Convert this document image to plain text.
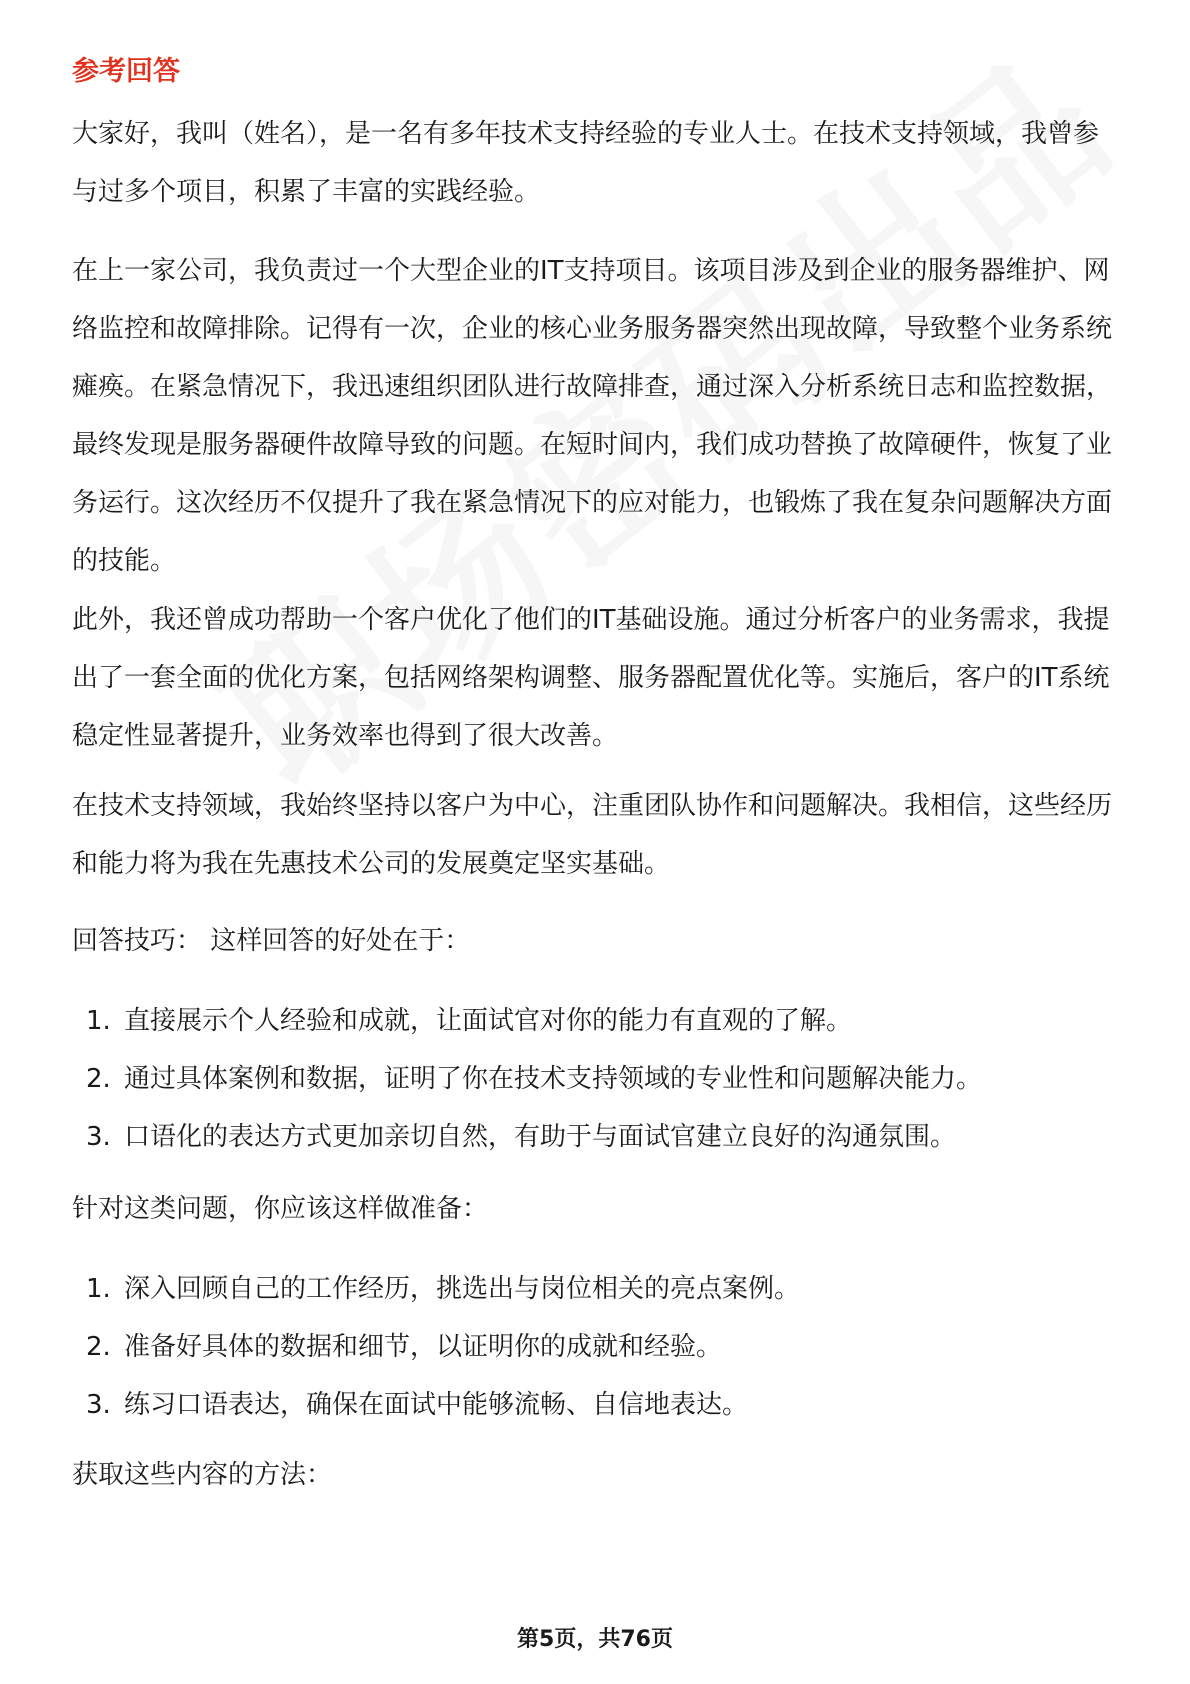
参考回答

大家好，我叫（姓名），是一名有多年技术支持经验的专业人士。在技术支持领域，我曾参与过多个项目，积累了丰富的实践经验。

在上一家公司，我负责过一个大型企业的IT支持项目。该项目涉及到企业的服务器维护、网络监控和故障排除。记得有一次，企业的核心业务服务器突然出现故障，导致整个业务系统瘫痪。在紧急情况下，我迅速组织团队进行故障排查，通过深入分析系统日志和监控数据，最终发现是服务器硬件故障导致的问题。在短时间内，我们成功替换了故障硬件，恢复了业务运行。这次经历不仅提升了我在紧急情况下的应对能力，也锻炼了我在复杂问题解决方面的技能。

此外，我还曾成功帮助一个客户优化了他们的IT基础设施。通过分析客户的业务需求，我提出了一套全面的优化方案，包括网络架构调整、服务器配置优化等。实施后，客户的IT系统稳定性显著提升，业务效率也得到了很大改善。

在技术支持领域，我始终坚持以客户为中心，注重团队协作和问题解决。我相信，这些经历和能力将为我在先惠技术公司的发展奠定坚实基础。

回答技巧： 这样回答的好处在于：

1. 直接展示个人经验和成就，让面试官对你的能力有直观的了解。
2. 通过具体案例和数据，证明了你在技术支持领域的专业性和问题解决能力。
3. 口语化的表达方式更加亲切自然，有助于与面试官建立良好的沟通氛围。

针对这类问题，你应该这样做准备：

1. 深入回顾自己的工作经历，挑选出与岗位相关的亮点案例。
2. 准备好具体的数据和细节，以证明你的成就和经验。
3. 练习口语表达，确保在面试中能够流畅、自信地表达。

获取这些内容的方法：

第5页，共76页
